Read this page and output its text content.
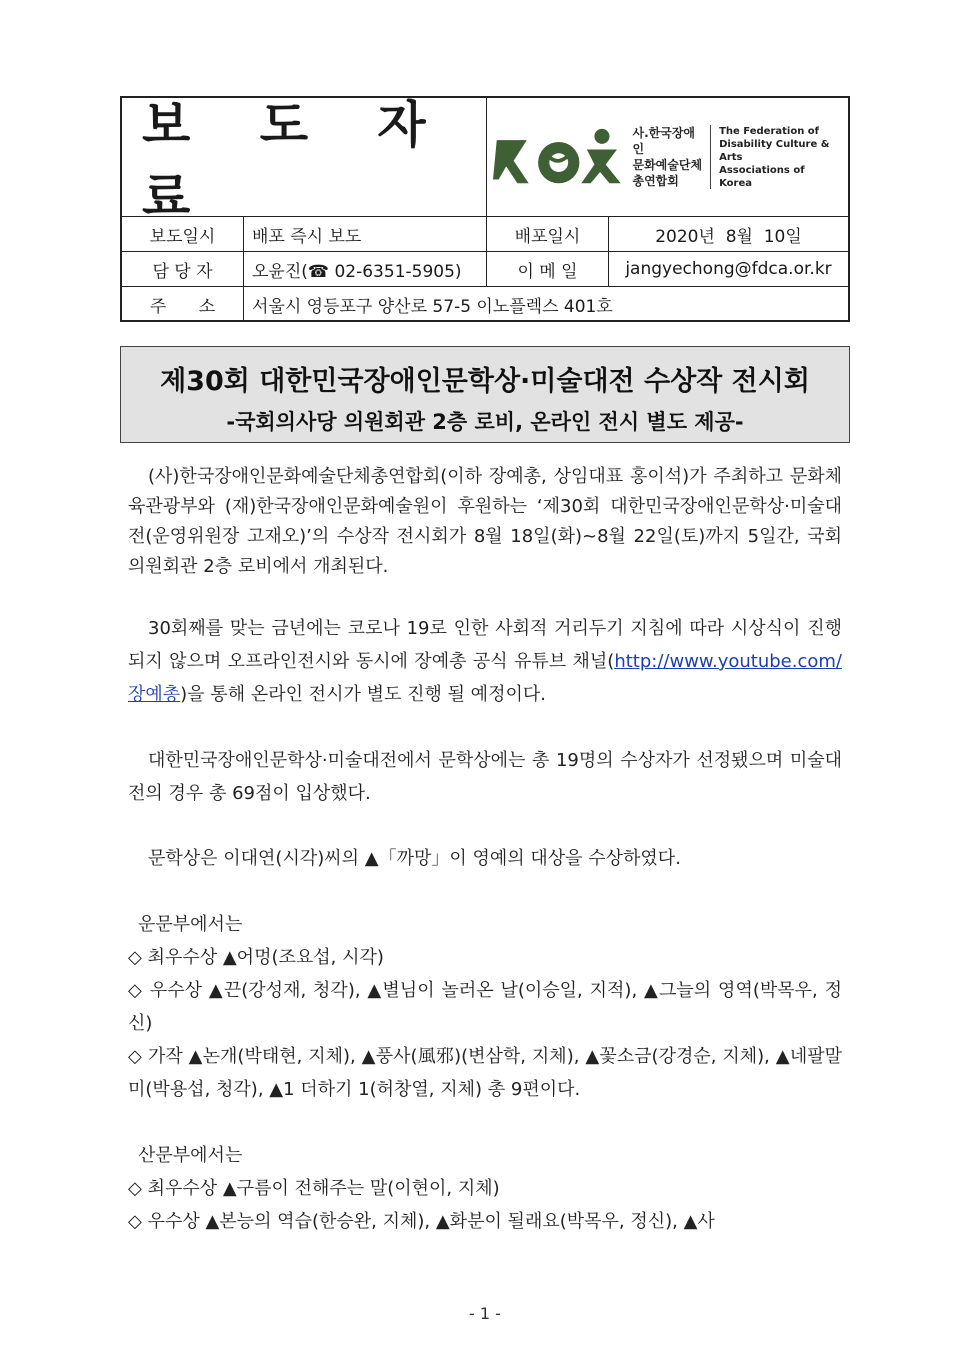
보 도 자 료
사.한국장애인
문화예술단체
총연합회
The Federation of
Disability Culture & Arts
Associations of
Korea
보도일시	배포 즉시 보도	배포일시	2020년  8월  10일
담 당 자	오윤진(☎ 02-6351-5905)	이 메 일	jangyechong@fdca.or.kr
주      소	서울시 영등포구 양산로 57-5 이노플렉스 401호
제30회 대한민국장애인문학상·미술대전 수상작 전시회
-국회의사당 의원회관 2층 로비, 온라인 전시 별도 제공-

(사)한국장애인문화예술단체총연합회(이하 장예총, 상임대표 홍이석)가 주최하고 문화체육관광부와 (재)한국장애인문화예술원이 후원하는 ‘제30회 대한민국장애인문학상·미술대전(운영위원장 고재오)’의 수상작 전시회가 8월 18일(화)~8월 22일(토)까지 5일간, 국회의원회관 2층 로비에서 개최된다.

30회째를 맞는 금년에는 코로나 19로 인한 사회적 거리두기 지침에 따라 시상식이 진행되지 않으며 오프라인전시와 동시에 장예총 공식 유튜브 채널(http://www.youtube.com/장예총)을 통해 온라인 전시가 별도 진행 될 예정이다.

대한민국장애인문학상·미술대전에서 문학상에는 총 19명의 수상자가 선정됐으며 미술대전의 경우 총 69점이 입상했다.

문학상은 이대연(시각)씨의 ▲「까망」이 영예의 대상을 수상하였다.

운문부에서는

◇ 최우수상 ▲어멍(조요섭, 시각)

◇ 우수상 ▲끈(강성재, 청각), ▲별님이 놀러온 날(이승일, 지적), ▲그늘의 영역(박목우, 정신)

◇ 가작 ▲논개(박태현, 지체), ▲풍사(風邪)(변삼학, 지체), ▲꽃소금(강경순, 지체), ▲네팔말미(박용섭, 청각), ▲1 더하기 1(허창열, 지체) 총 9편이다.

산문부에서는

◇ 최우수상 ▲구름이 전해주는 말(이현이, 지체)

◇ 우수상 ▲본능의 역습(한승완, 지체), ▲화분이 될래요(박목우, 정신), ▲사

- 1 -
